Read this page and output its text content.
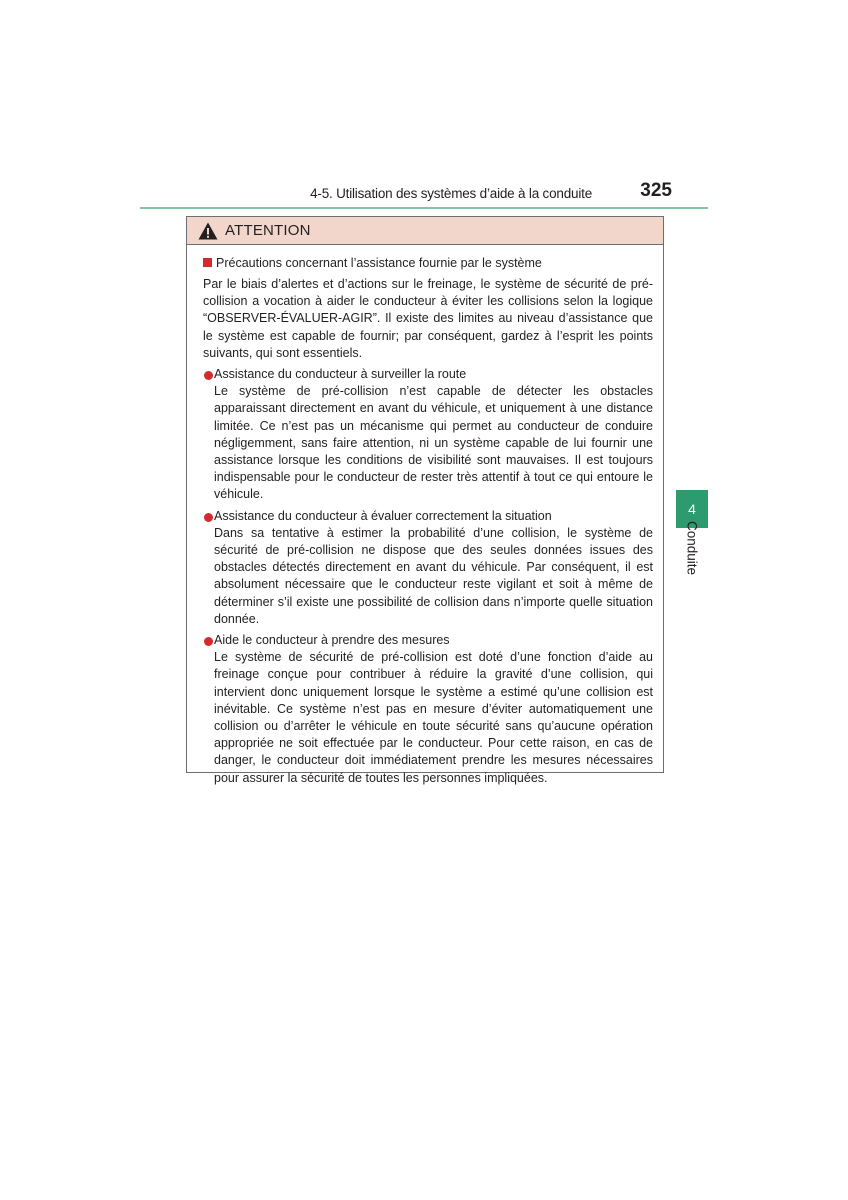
4-5. Utilisation des systèmes d’aide à la conduite	325
4
Conduite
ATTENTION
Précautions concernant l’assistance fournie par le système

Par le biais d’alertes et d’actions sur le freinage, le système de sécurité de pré-collision a vocation à aider le conducteur à éviter les collisions selon la logique “OBSERVER-ÉVALUER-AGIR”. Il existe des limites au niveau d’assistance que le système est capable de fournir; par conséquent, gardez à l’esprit les points suivants, qui sont essentiels.

Assistance du conducteur à surveiller la route
Le système de pré-collision n’est capable de détecter les obstacles apparaissant directement en avant du véhicule, et uniquement à une distance limitée. Ce n’est pas un mécanisme qui permet au conducteur de conduire négligemment, sans faire attention, ni un système capable de lui fournir une assistance lorsque les conditions de visibilité sont mauvaises. Il est toujours indispensable pour le conducteur de rester très attentif à tout ce qui entoure le véhicule.
Assistance du conducteur à évaluer correctement la situation
Dans sa tentative à estimer la probabilité d’une collision, le système de sécurité de pré-collision ne dispose que des seules données issues des obstacles détectés directement en avant du véhicule. Par conséquent, il est absolument nécessaire que le conducteur reste vigilant et soit à même de déterminer s’il existe une possibilité de collision dans n’importe quelle situation donnée.
Aide le conducteur à prendre des mesures
Le système de sécurité de pré-collision est doté d’une fonction d’aide au freinage conçue pour contribuer à réduire la gravité d’une collision, qui intervient donc uniquement lorsque le système a estimé qu’une collision est inévitable. Ce système n’est pas en mesure d’éviter automatiquement une collision ou d’arrêter le véhicule en toute sécurité sans qu’aucune opération appropriée ne soit effectuée par le conducteur. Pour cette raison, en cas de danger, le conducteur doit immédiatement prendre les mesures nécessaires pour assurer la sécurité de toutes les personnes impliquées.
